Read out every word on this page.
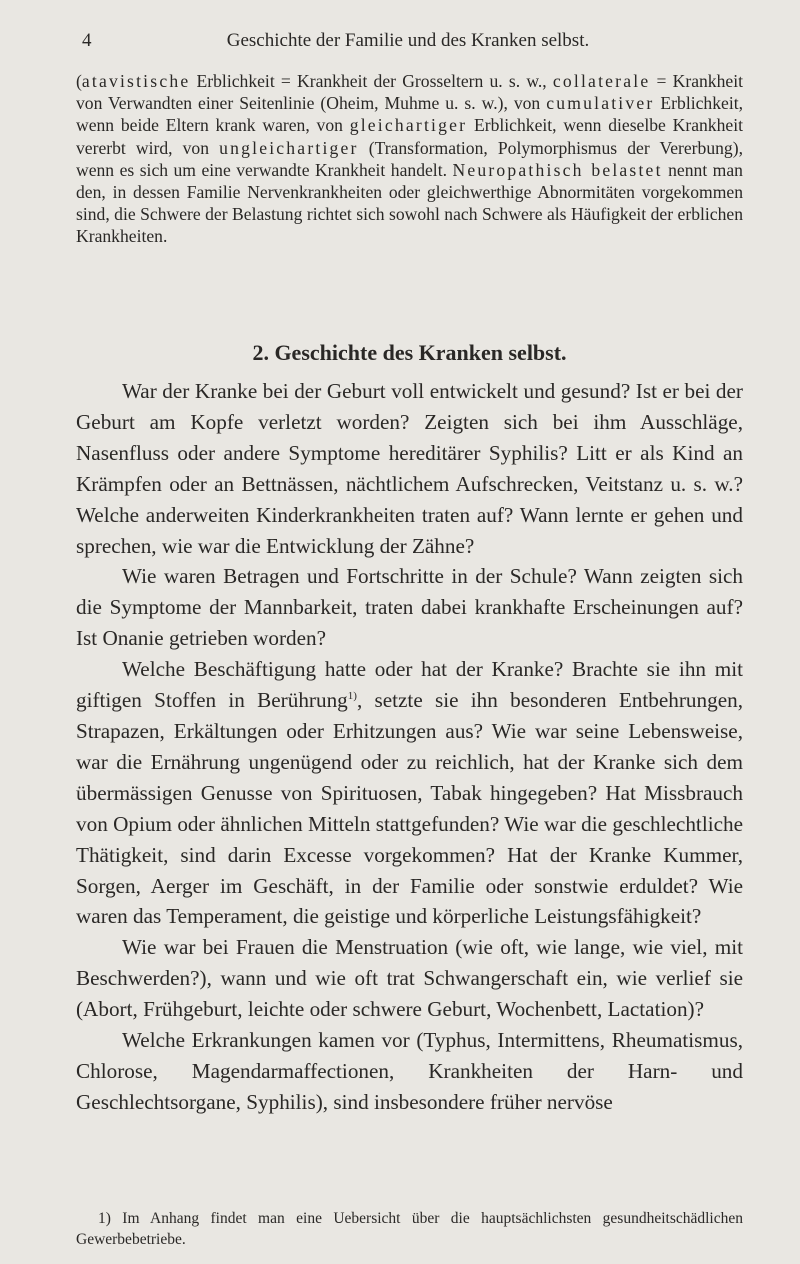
4	Geschichte der Familie und des Kranken selbst.

(atavistische Erblichkeit = Krankheit der Grosseltern u. s. w., collaterale = Krankheit von Verwandten einer Seitenlinie (Oheim, Muhme u. s. w.), von cumulativer Erblichkeit, wenn beide Eltern krank waren, von gleichartiger Erblichkeit, wenn dieselbe Krankheit vererbt wird, von ungleichartiger (Transformation, Polymorphismus der Vererbung), wenn es sich um eine verwandte Krankheit handelt. Neuropathisch belastet nennt man den, in dessen Familie Nervenkrankheiten oder gleichwerthige Abnormitäten vorgekommen sind, die Schwere der Belastung richtet sich sowohl nach Schwere als Häufigkeit der erblichen Krankheiten.

2. Geschichte des Kranken selbst.

War der Kranke bei der Geburt voll entwickelt und gesund? Ist er bei der Geburt am Kopfe verletzt worden? Zeigten sich bei ihm Ausschläge, Nasenfluss oder andere Symptome hereditärer Syphilis? Litt er als Kind an Krämpfen oder an Bettnässen, nächtlichem Aufschrecken, Veitstanz u. s. w.? Welche anderweiten Kinderkrankheiten traten auf? Wann lernte er gehen und sprechen, wie war die Entwicklung der Zähne?

Wie waren Betragen und Fortschritte in der Schule? Wann zeigten sich die Symptome der Mannbarkeit, traten dabei krankhafte Erscheinungen auf? Ist Onanie getrieben worden?

Welche Beschäftigung hatte oder hat der Kranke? Brachte sie ihn mit giftigen Stoffen in Berührung$^{1)}$, setzte sie ihn besonderen Entbehrungen, Strapazen, Erkältungen oder Erhitzungen aus? Wie war seine Lebensweise, war die Ernährung ungenügend oder zu reichlich, hat der Kranke sich dem übermässigen Genusse von Spirituosen, Tabak hingegeben? Hat Missbrauch von Opium oder ähnlichen Mitteln stattgefunden? Wie war die geschlechtliche Thätigkeit, sind darin Excesse vorgekommen? Hat der Kranke Kummer, Sorgen, Aerger im Geschäft, in der Familie oder sonstwie erduldet? Wie waren das Temperament, die geistige und körperliche Leistungsfähigkeit?

Wie war bei Frauen die Menstruation (wie oft, wie lange, wie viel, mit Beschwerden?), wann und wie oft trat Schwangerschaft ein, wie verlief sie (Abort, Frühgeburt, leichte oder schwere Geburt, Wochenbett, Lactation)?

Welche Erkrankungen kamen vor (Typhus, Intermittens, Rheumatismus, Chlorose, Magendarmaffectionen, Krankheiten der Harn- und Geschlechtsorgane, Syphilis), sind insbesondere früher nervöse

1) Im Anhang findet man eine Uebersicht über die hauptsächlichsten gesundheitschädlichen Gewerbebetriebe.
